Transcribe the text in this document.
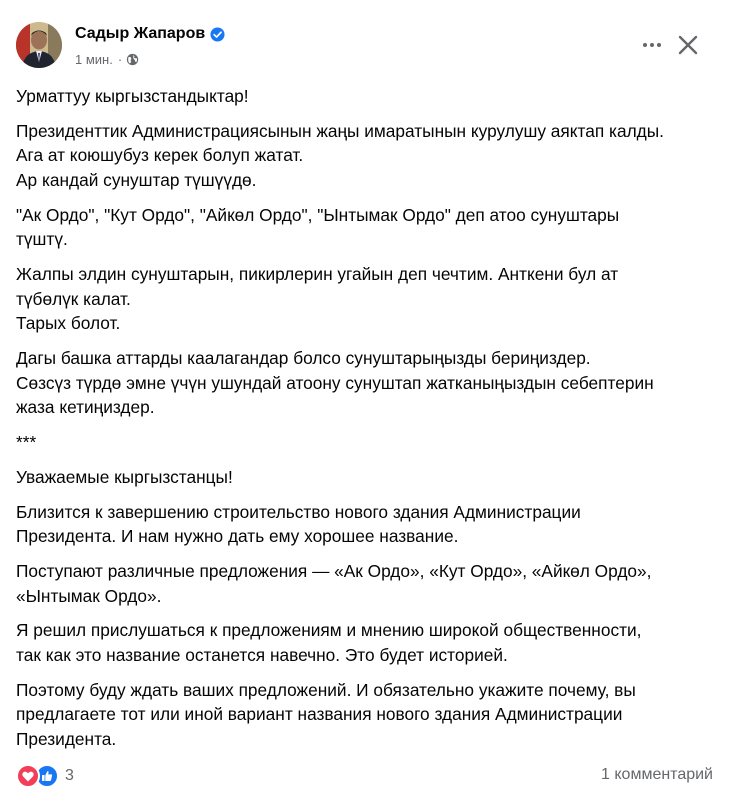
Садыр Жапаров
1 мин. ·

Урматтуу кыргызстандыктар!

Президенттик Администрациясынын жаңы имаратынын курулушу аяктап калды.
Ага ат коюшубуз керек болуп жатат.
Ар кандай сунуштар түшүүдө.

"Ак Ордо", "Кут Ордо", "Айкөл Ордо", "Ынтымак Ордо" деп атоо сунуштары
түштү.

Жалпы элдин сунуштарын, пикирлерин угайын деп чечтим. Анткени бул ат
түбөлүк калат.
Тарых болот.

Дагы башка аттарды каалагандар болсо сунуштарыңызды бериңиздер.
Сөзсүз түрдө эмне үчүн ушундай атоону сунуштап жатканыңыздын себептерин
жаза кетиңиздер.

***

Уважаемые кыргызстанцы!

Близится к завершению строительство нового здания Администрации
Президента. И нам нужно дать ему хорошее название.

Поступают различные предложения — «Ак Ордо», «Кут Ордо», «Айкөл Ордо»,
«Ынтымак Ордо».

Я решил прислушаться к предложениям и мнению широкой общественности,
так как это название останется навечно. Это будет историей.

Поэтому буду ждать ваших предложений. И обязательно укажите почему, вы
предлагаете тот или иной вариант названия нового здания Администрации
Президента.

3	1 комментарий
